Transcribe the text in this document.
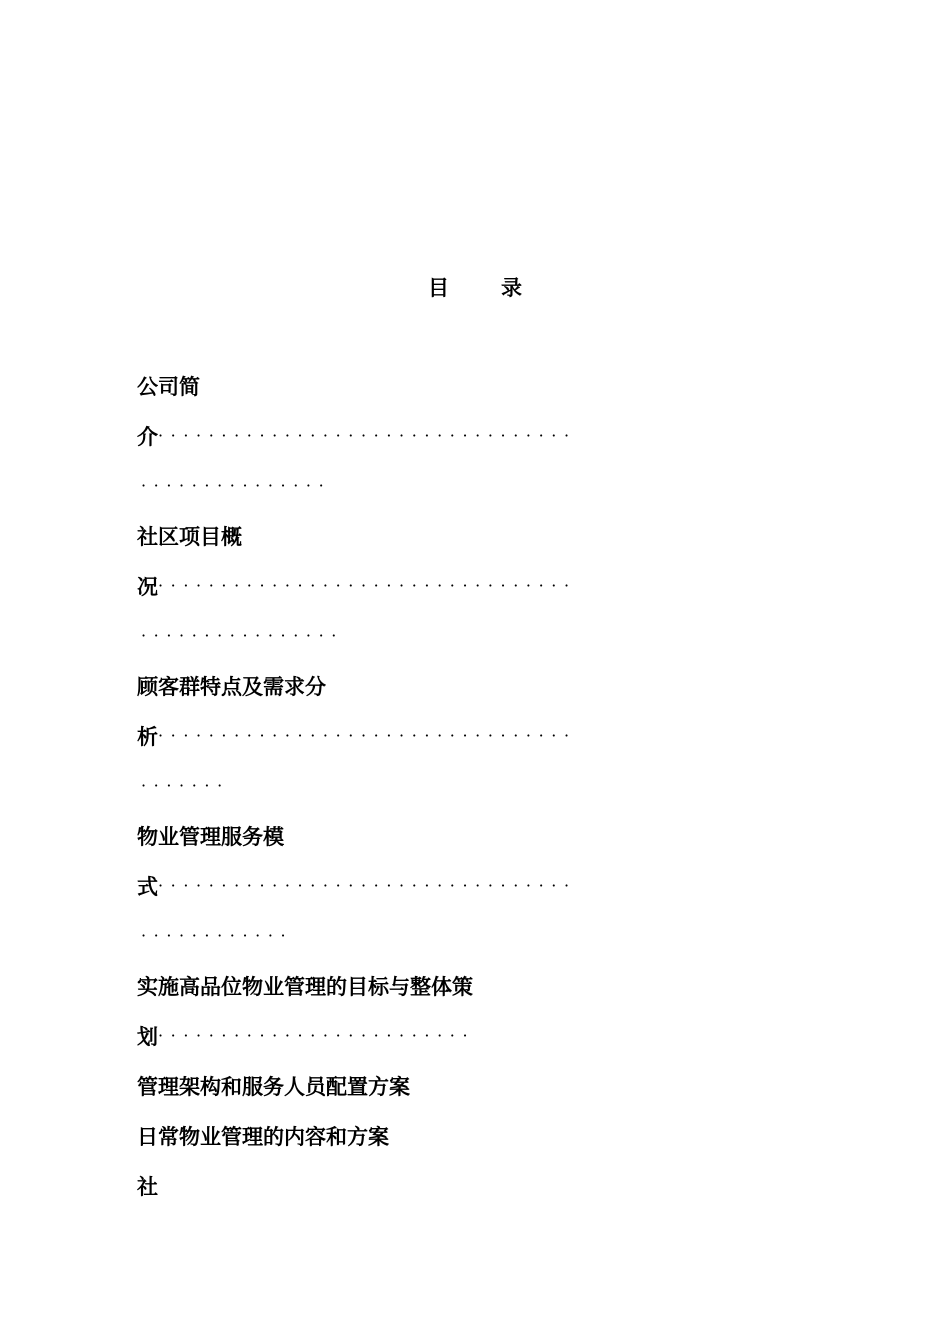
目 录
公司简
介·································
···············
社区项目概
况·································
················
顾客群特点及需求分
析·································
·······
物业管理服务模
式·································
············
实施高品位物业管理的目标与整体策
划·························
管理架构和服务人员配置方案
日常物业管理的内容和方案
社
